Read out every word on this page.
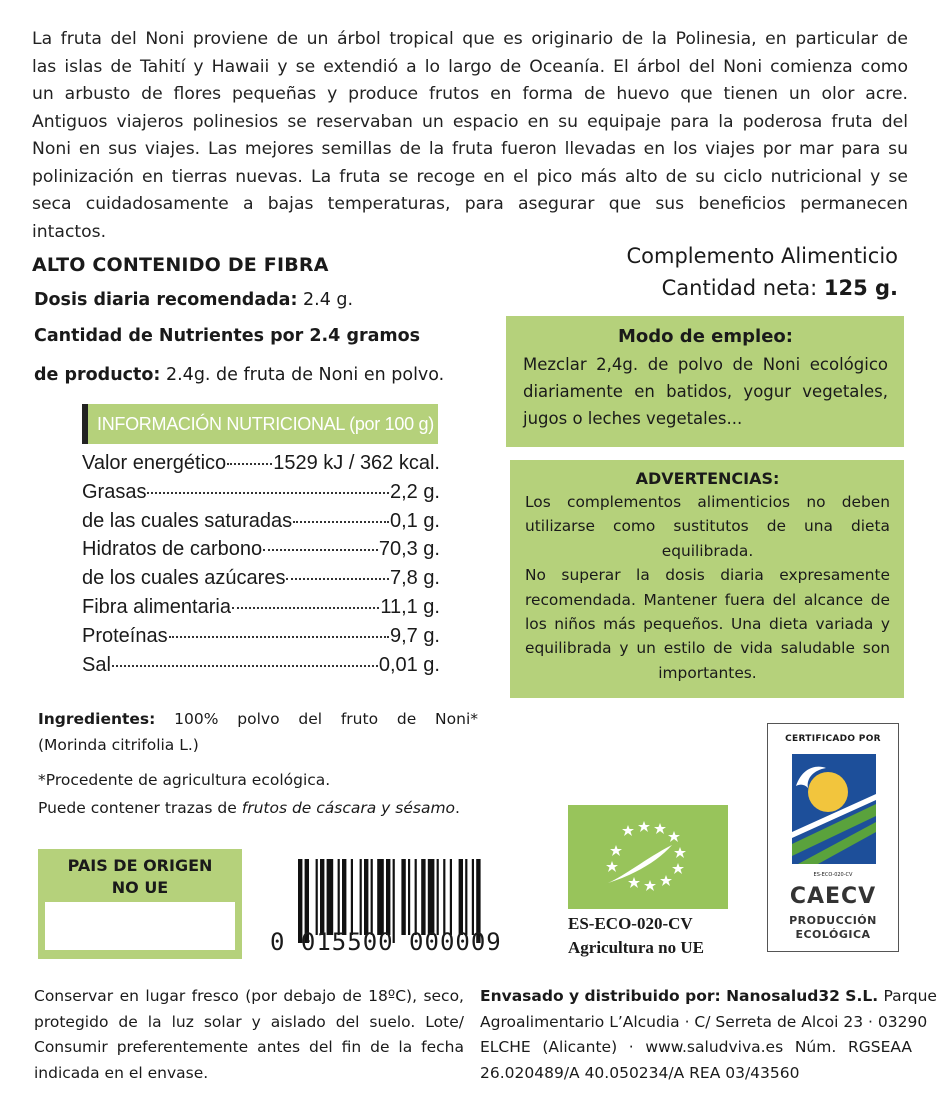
La fruta del Noni proviene de un árbol tropical que es originario de la Polinesia, en particular de
las islas de Tahití y Hawaii y se extendió a lo largo de Oceanía. El árbol del Noni comienza como
un arbusto de flores pequeñas y produce frutos en forma de huevo que tienen un olor acre.
Antiguos viajeros polinesios se reservaban un espacio en su equipaje para la poderosa fruta del
Noni en sus viajes. Las mejores semillas de la fruta fueron llevadas en los viajes por mar para su
polinización en tierras nuevas. La fruta se recoge en el pico más alto de su ciclo nutricional y se
seca cuidadosamente a bajas temperaturas, para asegurar que sus beneficios permanecen
intactos.
ALTO CONTENIDO DE FIBRA
Dosis diaria recomendada: 2.4 g.
Cantidad de Nutrientes por 2.4 gramos
de producto: 2.4g. de fruta de Noni en polvo.
Complemento Alimenticio
Cantidad neta: 125 g.
INFORMACIÓN NUTRICIONAL (por 100 g)
Valor energético 1529 kJ / 362 kcal.
Grasas	2,2 g.
de las cuales saturadas	0,1 g.
Hidratos de carbono	70,3 g.
de los cuales azúcares	7,8 g.
Fibra alimentaria	11,1 g.
Proteínas	9,7 g.
Sal	0,01 g.
Modo de empleo:
Mezclar 2,4g. de polvo de Noni ecológico
diariamente en batidos, yogur vegetales,
jugos o leches vegetales...
ADVERTENCIAS:
Los complementos alimenticios no deben
utilizarse como sustitutos de una dieta
equilibrada.
No superar la dosis diaria expresamente
recomendada. Mantener fuera del alcance de
los niños más pequeños. Una dieta variada y
equilibrada y un estilo de vida saludable son
importantes.
Ingredientes: 100% polvo del fruto de Noni*
(Morinda citrifolia L.)
*Procedente de agricultura ecológica.
Puede contener trazas de frutos de cáscara y sésamo.
PAIS DE ORIGEN
NO UE
0 015500 000009
ES-ECO-020-CV
Agricultura no UE
CERTIFICADO POR
ES-ECO-020-CV
CAECV
PRODUCCIÓN
ECOLÓGICA
Conservar en lugar fresco (por debajo de 18ºC), seco,
protegido de la luz solar y aislado del suelo. Lote/
Consumir preferentemente antes del fin de la fecha
indicada en el envase.
Envasado y distribuido por: Nanosalud32 S.L. Parque
Agroalimentario L’Alcudia · C/ Serreta de Alcoi 23 · 03290
ELCHE (Alicante) · www.saludviva.es Núm. RGSEAA
26.020489/A 40.050234/A REA 03/43560
